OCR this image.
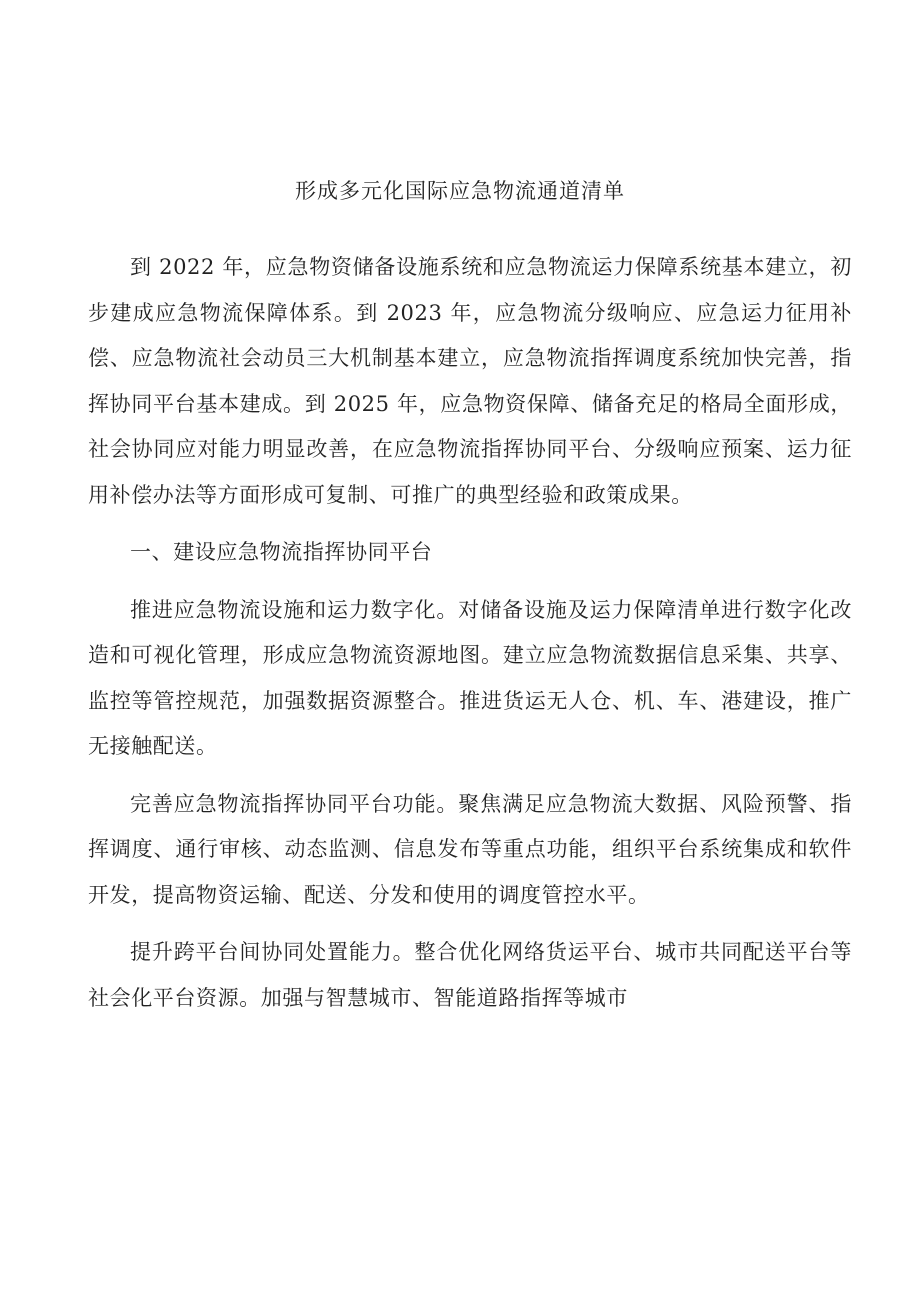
形成多元化国际应急物流通道清单

到 2022 年，应急物资储备设施系统和应急物流运力保障系统基本建立，初步建成应急物流保障体系。到 2023 年，应急物流分级响应、应急运力征用补偿、应急物流社会动员三大机制基本建立，应急物流指挥调度系统加快完善，指挥协同平台基本建成。到 2025 年，应急物资保障、储备充足的格局全面形成，社会协同应对能力明显改善，在应急物流指挥协同平台、分级响应预案、运力征用补偿办法等方面形成可复制、可推广的典型经验和政策成果。

一、建设应急物流指挥协同平台

推进应急物流设施和运力数字化。对储备设施及运力保障清单进行数字化改造和可视化管理，形成应急物流资源地图。建立应急物流数据信息采集、共享、监控等管控规范，加强数据资源整合。推进货运无人仓、机、车、港建设，推广无接触配送。

完善应急物流指挥协同平台功能。聚焦满足应急物流大数据、风险预警、指挥调度、通行审核、动态监测、信息发布等重点功能，组织平台系统集成和软件开发，提高物资运输、配送、分发和使用的调度管控水平。

提升跨平台间协同处置能力。整合优化网络货运平台、城市共同配送平台等社会化平台资源。加强与智慧城市、智能道路指挥等城市
